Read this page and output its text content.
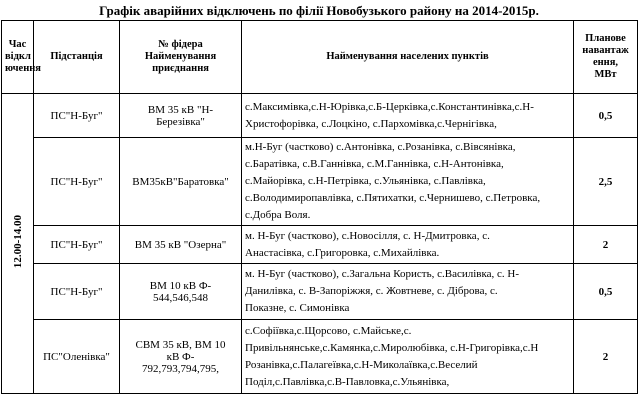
Графік аварійних відключень по філії Новобузького району на 2014-2015р.
Час
відкл
ючення	Підстанція	№ фідера
Найменування
приєднання	Найменування населених пунктів	Планове
навантаж
ення,
МВт
12.00-14.00	ПС"Н-Буг"	ВМ 35 кВ "Н-
Березівка"	с.Максимівка,с.Н-Юрівка,с.Б-Церківка,с.Константинівка,с.Н-
Христофорівка, с.Лоцкіно, с.Пархомівка,с.Чернігівка,	0,5
	ПС"Н-Буг"	ВМ35кВ"Баратовка"	м.Н-Буг (частково) с.Антонівка, с.Розанівка, с.Вівсянівка,
с.Баратівка, с.В.Ганнівка, с.М.Ганнівка, с.Н-Антонівка,
с.Майорівка, с.Н-Петрівка, с.Ульянівка, с.Павлівка,
с.Володимиропавлівка, с.Пятихатки, с.Чернишево, с.Петровка,
с.Добра Воля.	2,5
	ПС"Н-Буг"	ВМ 35 кВ "Озерна"	м. Н-Буг (частково), с.Новосілля, с. Н-Дмитровка, с.
Анастасівка, с.Григоровка, с.Михайлівка.	2
	ПС"Н-Буг"	ВМ 10 кВ Ф-
544,546,548	м. Н-Буг (частково), с.Загальна Користь, с.Василівка, с. Н-
Данилівка, с. В-Запоріжжя, с. Жовтневе, с. Діброва, с.
Показне, с. Симонівка	0,5
	ПС"Оленівка"	СВМ 35 кВ, ВМ 10
кВ Ф-
792,793,794,795,	с.Софіївка,с.Щорсово, с.Майське,с.
Привільнянське,с.Камянка,с.Миролюбівка, с.Н-Григорівка,с.Н
Розанівка,с.Палагеївка,с.Н-Миколаївка,с.Веселий
Поділ,с.Павлівка,с.В-Павловка,с.Ульянівка,	2
